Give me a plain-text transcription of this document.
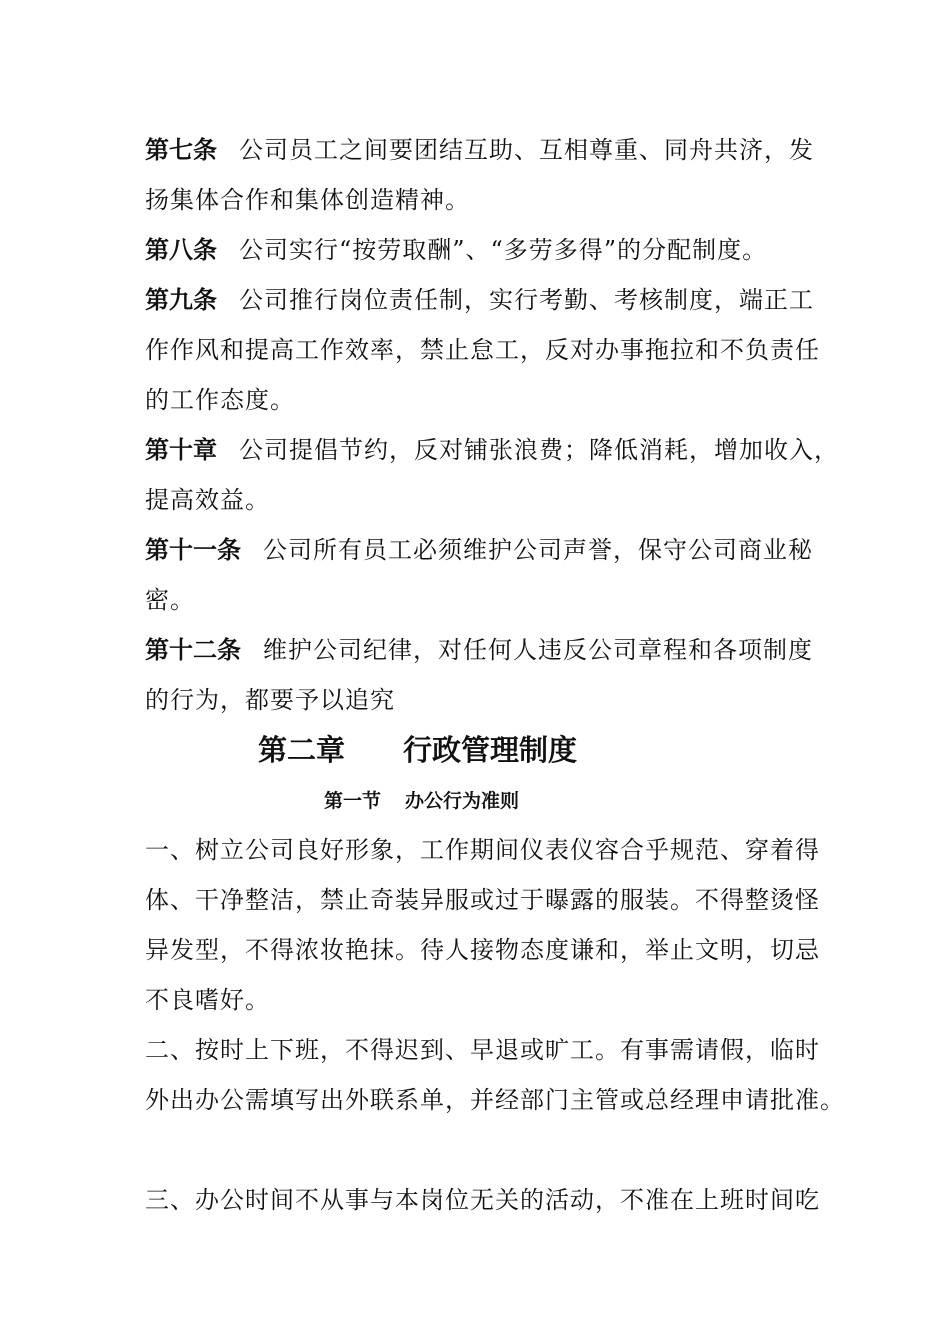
第七条 公司员工之间要团结互助、互相尊重、同舟共济，发
扬集体合作和集体创造精神。
第八条 公司实行“按劳取酬”、“多劳多得”的分配制度。
第九条 公司推行岗位责任制，实行考勤、考核制度，端正工
作作风和提高工作效率，禁止怠工，反对办事拖拉和不负责任
的工作态度。
第十章 公司提倡节约，反对铺张浪费；降低消耗，增加收入，
提高效益。
第十一条 公司所有员工必须维护公司声誉，保守公司商业秘
密。
第十二条 维护公司纪律，对任何人违反公司章程和各项制度
的行为，都要予以追究
第二章 行政管理制度
第一节 办公行为准则
一、树立公司良好形象，工作期间仪表仪容合乎规范、穿着得
体、干净整洁，禁止奇装异服或过于曝露的服装。不得整烫怪
异发型，不得浓妆艳抹。待人接物态度谦和，举止文明，切忌
不良嗜好。
二、按时上下班，不得迟到、早退或旷工。有事需请假，临时
外出办公需填写出外联系单，并经部门主管或总经理申请批准。
三、办公时间不从事与本岗位无关的活动，不准在上班时间吃
